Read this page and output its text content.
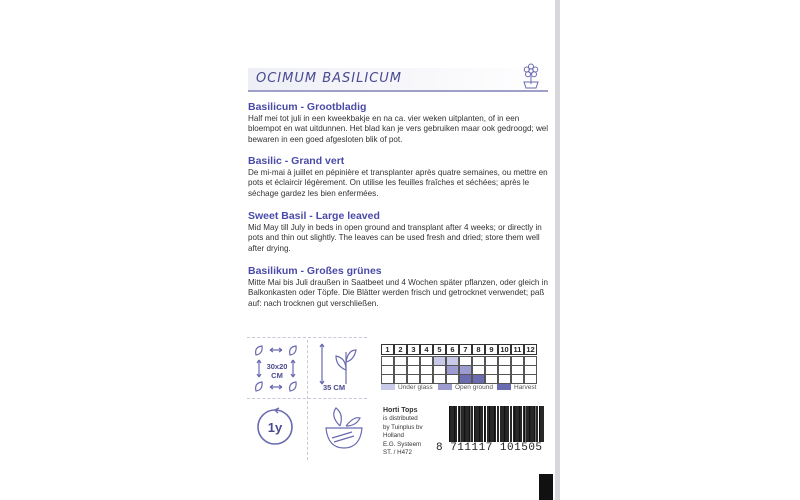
OCIMUM BASILICUM
Basilicum - Grootbladig
Half mei tot juli in een kweekbakje en na ca. vier weken uitplanten, of in een bloempot en wat uitdunnen. Het blad kan je vers gebruiken maar ook gedroogd; wel bewaren in een goed afgesloten blik of pot.
Basilic - Grand vert
De mi-mai à juillet en pépinière et transplanter après quatre semaines, ou mettre en pots et éclaircir légèrement. On utilise les feuilles fraîches et séchées; après le séchage gardez les bien enfermées.
Sweet Basil - Large leaved
Mid May till July in beds in open ground and transplant after 4 weeks; or directly in pots and thin out slightly. The leaves can be used fresh and dried; store them well after drying.
Basilikum - Großes grünes
Mitte Mai bis Juli draußen in Saatbeet und 4 Wochen später pflanzen, oder gleich in Balkonkasten oder Töpfe. Die Blätter werden frisch und getrocknet verwendet; paß auf: nach trocknen gut verschließen.
30x20
CM
35 CM
1y
1	2	3	4	5	6	7	8	9 10 11 12
Under glass	Open ground	Harvest
Horti Tops
is distributed
by Tuinplus bv
Holland
E.G. Systeem
ST. / H472	8 711117 101505
